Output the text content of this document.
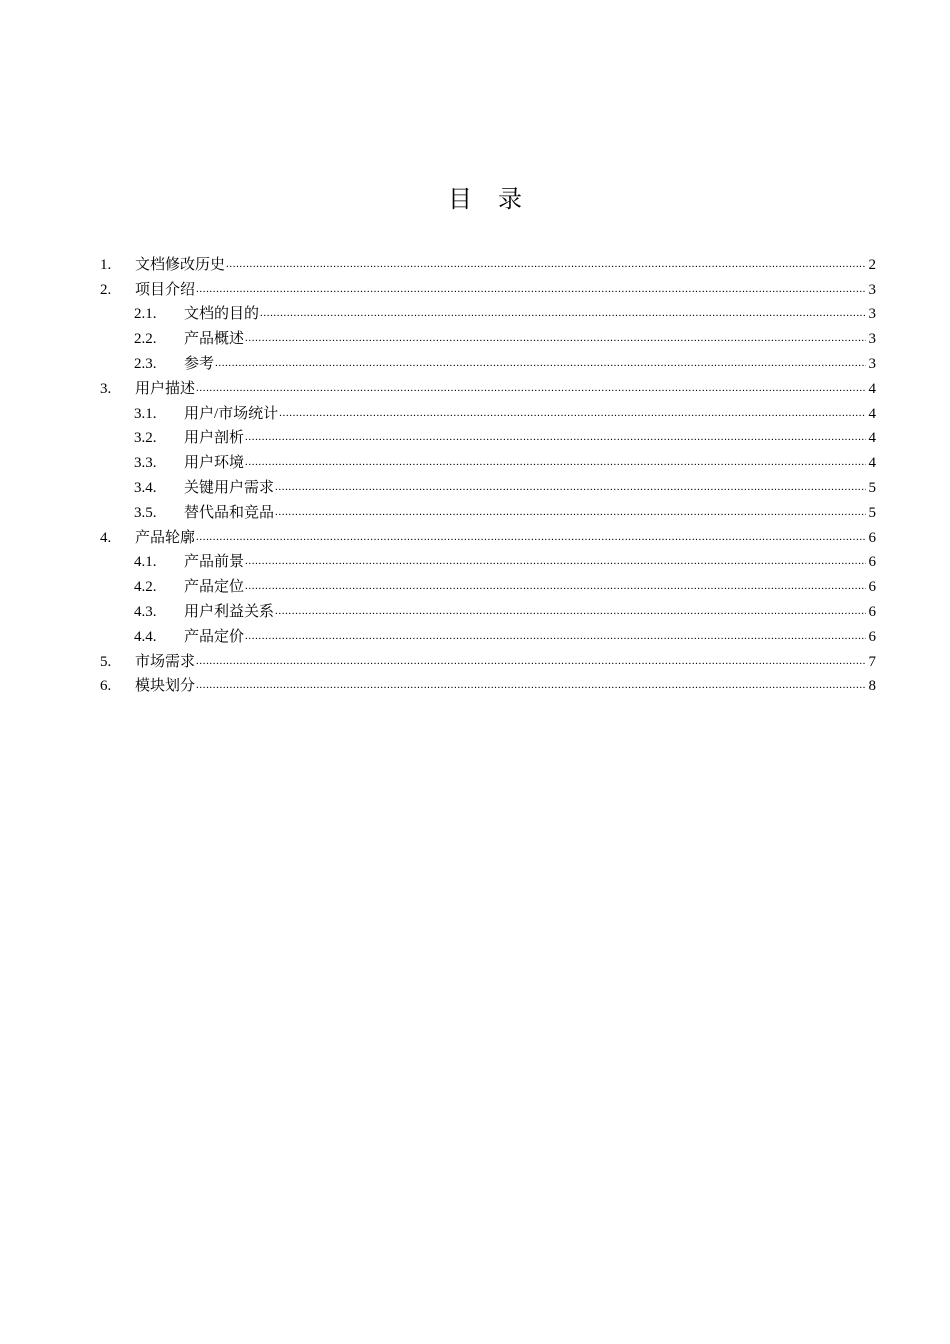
目 录
1.	文档修改历史 .....	2
2.	项目介绍 .....	3
2.1.	文档的目的 .....	3
2.2.	产品概述 .....	3
2.3.	参考 .....	3
3.	用户描述 .....	4
3.1.	用户/市场统计 .....	4
3.2.	用户剖析 .....	4
3.3.	用户环境 .....	4
3.4.	关键用户需求 .....	5
3.5.	替代品和竞品 .....	5
4.	产品轮廓 .....	6
4.1.	产品前景 .....	6
4.2.	产品定位 .....	6
4.3.	用户利益关系 .....	6
4.4.	产品定价 .....	6
5.	市场需求 .....	7
6.	模块划分 .....	8
